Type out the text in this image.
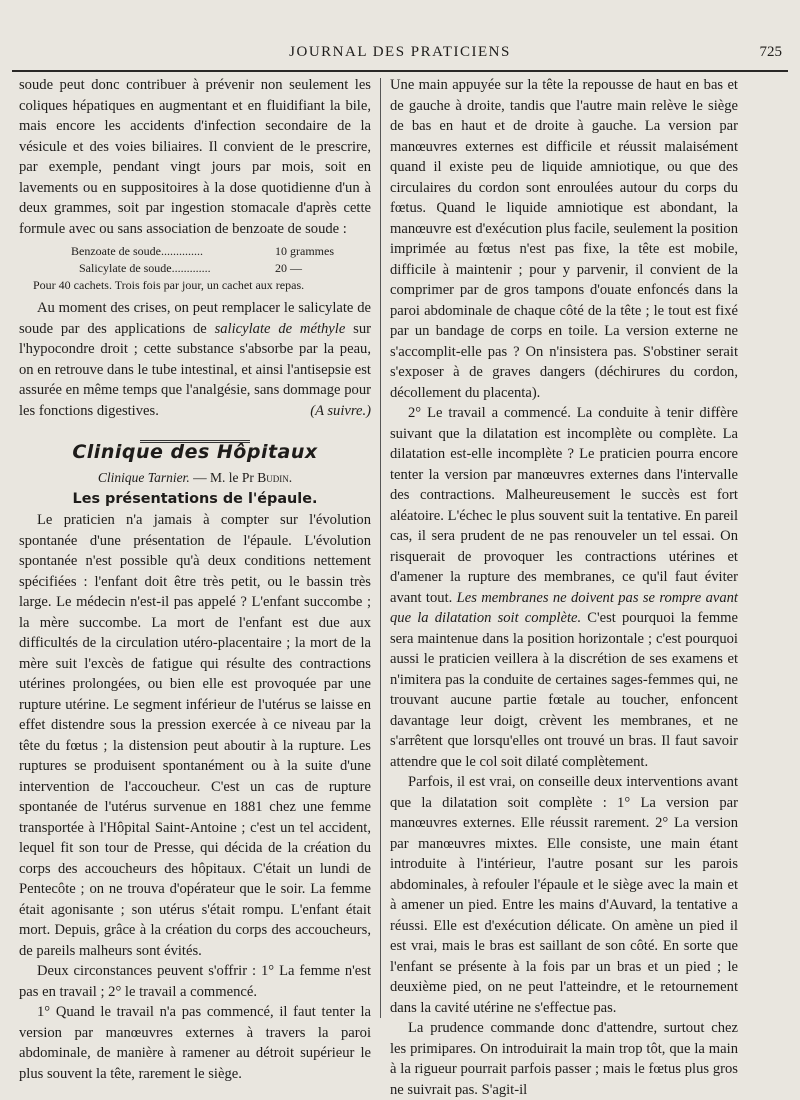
JOURNAL DES PRATICIENS	725

soude peut donc contribuer à prévenir non seulement les coliques hépatiques en augmentant et en fluidifiant la bile, mais encore les accidents d'infection secondaire de la vésicule et des voies biliaires. Il convient de le prescrire, par exemple, pendant vingt jours par mois, soit en lavements ou en suppositoires à la dose quotidienne d'un à deux grammes, soit par ingestion stomacale d'après cette formule avec ou sans association de benzoate de soude :

Benzoate de soude..............	10 grammes
Salicylate de soude.............	20 —
Pour 40 cachets. Trois fois par jour, un cachet aux repas.

Au moment des crises, on peut remplacer le salicylate de soude par des applications de salicylate de méthyle sur l'hypocondre droit ; cette substance s'absorbe par la peau, on en retrouve dans le tube intestinal, et ainsi l'antisepsie est assurée en même temps que l'analgésie, sans dommage pour les fonctions digestives.	(A suivre.)

Clinique des Hôpitaux
Clinique Tarnier. — M. le Pr Budin.
Les présentations de l'épaule.

Le praticien n'a jamais à compter sur l'évolution spontanée d'une présentation de l'épaule. L'évolution spontanée n'est possible qu'à deux conditions nettement spécifiées : l'enfant doit être très petit, ou le bassin très large. Le médecin n'est-il pas appelé ? L'enfant succombe ; la mère succombe. La mort de l'enfant est due aux difficultés de la circulation utéro-placentaire ; la mort de la mère suit l'excès de fatigue qui résulte des contractions utérines prolongées, ou bien elle est provoquée par une rupture utérine. Le segment inférieur de l'utérus se laisse en effet distendre sous la pression exercée à ce niveau par la tête du fœtus ; la distension peut aboutir à la rupture. Les ruptures se produisent spontanément ou à la suite d'une intervention de l'accoucheur. C'est un cas de rupture spontanée de l'utérus survenue en 1881 chez une femme transportée à l'Hôpital Saint-Antoine ; c'est un tel accident, lequel fit son tour de Presse, qui décida de la création du corps des accoucheurs des hôpitaux. C'était un lundi de Pentecôte ; on ne trouva d'opérateur que le soir. La femme était agonisante ; son utérus s'était rompu. L'enfant était mort. Depuis, grâce à la création du corps des accoucheurs, de pareils malheurs sont évités.

Deux circonstances peuvent s'offrir : 1° La femme n'est pas en travail ; 2° le travail a commencé.

1° Quand le travail n'a pas commencé, il faut tenter la version par manœuvres externes à travers la paroi abdominale, de manière à ramener au détroit supérieur le plus souvent la tête, rarement le siège.

Une main appuyée sur la tête la repousse de haut en bas et de gauche à droite, tandis que l'autre main relève le siège de bas en haut et de droite à gauche. La version par manœuvres externes est difficile et réussit malaisément quand il existe peu de liquide amniotique, ou que des circulaires du cordon sont enroulées autour du corps du fœtus. Quand le liquide amniotique est abondant, la manœuvre est d'exécution plus facile, seulement la position imprimée au fœtus n'est pas fixe, la tête est mobile, difficile à maintenir ; pour y parvenir, il convient de la comprimer par de gros tampons d'ouate enfoncés dans la paroi abdominale de chaque côté de la tête ; le tout est fixé par un bandage de corps en toile. La version externe ne s'accomplit-elle pas ? On n'insistera pas. S'obstiner serait s'exposer à de graves dangers (déchirures du cordon, décollement du placenta).

2° Le travail a commencé. La conduite à tenir diffère suivant que la dilatation est incomplète ou complète. La dilatation est-elle incomplète ? Le praticien pourra encore tenter la version par manœuvres externes dans l'intervalle des contractions. Malheureusement le succès est fort aléatoire. L'échec le plus souvent suit la tentative. En pareil cas, il sera prudent de ne pas renouveler un tel essai. On risquerait de provoquer les contractions utérines et d'amener la rupture des membranes, ce qu'il faut éviter avant tout. Les membranes ne doivent pas se rompre avant que la dilatation soit complète. C'est pourquoi la femme sera maintenue dans la position horizontale ; c'est pourquoi aussi le praticien veillera à la discrétion de ses examens et n'imitera pas la conduite de certaines sages-femmes qui, ne trouvant aucune partie fœtale au toucher, enfoncent davantage leur doigt, crèvent les membranes, et ne s'arrêtent que lorsqu'elles ont trouvé un bras. Il faut savoir attendre que le col soit dilaté complètement.

Parfois, il est vrai, on conseille deux interventions avant que la dilatation soit complète : 1° La version par manœuvres externes. Elle réussit rarement. 2° La version par manœuvres mixtes. Elle consiste, une main étant introduite à l'intérieur, l'autre posant sur les parois abdominales, à refouler l'épaule et le siège avec la main et à amener un pied. Entre les mains d'Auvard, la tentative a réussi. Elle est d'exécution délicate. On amène un pied il est vrai, mais le bras est saillant de son côté. En sorte que l'enfant se présente à la fois par un bras et un pied ; le deuxième pied, on ne peut l'atteindre, et le retournement dans la cavité utérine ne s'effectue pas.

La prudence commande donc d'attendre, surtout chez les primipares. On introduirait la main trop tôt, que la main à la rigueur pourrait parfois passer ; mais le fœtus plus gros ne suivrait pas. S'agit-il
